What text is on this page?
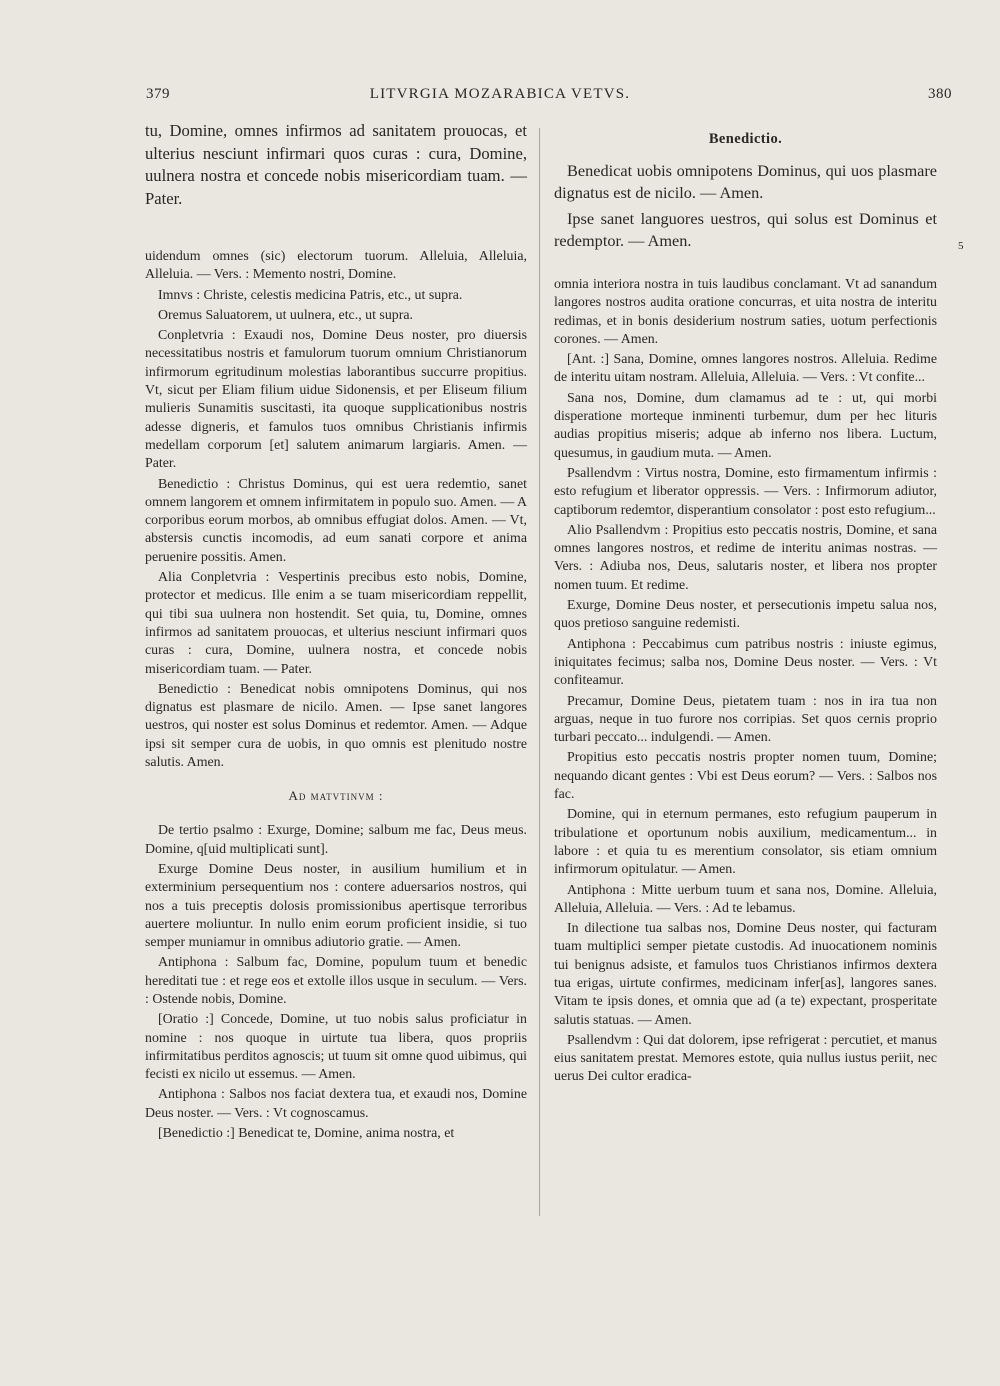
379	LITVRGIA MOZARABICA VETVS.	380
5

tu, Domine, omnes infirmos ad sanitatem prouocas, et ulterius nesciunt infirmari quos curas : cura, Domine, uulnera nostra et concede nobis misericordiam tuam. — Pater.

uidendum omnes (sic) electorum tuorum. Alleluia, Alleluia, Alleluia. — Vers. : Memento nostri, Domine.

Imnvs : Christe, celestis medicina Patris, etc., ut supra.

Oremus Saluatorem, ut uulnera, etc., ut supra.

Conpletvria : Exaudi nos, Domine Deus noster, pro diuersis necessitatibus nostris et famulorum tuorum omnium Christianorum infirmorum egritudinum molestias laborantibus succurre propitius. Vt, sicut per Eliam filium uidue Sidonensis, et per Eliseum filium mulieris Sunamitis suscitasti, ita quoque supplicationibus nostris adesse digneris, et famulos tuos omnibus Christianis infirmis medellam corporum [et] salutem animarum largiaris. Amen. — Pater.

Benedictio : Christus Dominus, qui est uera redemtio, sanet omnem langorem et omnem infirmitatem in populo suo. Amen. — A corporibus eorum morbos, ab omnibus effugiat dolos. Amen. — Vt, abstersis cunctis incomodis, ad eum sanati corpore et anima peruenire possitis. Amen.

Alia Conpletvria : Vespertinis precibus esto nobis, Domine, protector et medicus. Ille enim a se tuam misericordiam reppellit, qui tibi sua uulnera non hostendit. Set quia, tu, Domine, omnes infirmos ad sanitatem prouocas, et ulterius nesciunt infirmari quos curas : cura, Domine, uulnera nostra, et concede nobis misericordiam tuam. — Pater.

Benedictio : Benedicat nobis omnipotens Dominus, qui nos dignatus est plasmare de nicilo. Amen. — Ipse sanet langores uestros, qui noster est solus Dominus et redemtor. Amen. — Adque ipsi sit semper cura de uobis, in quo omnis est plenitudo nostre salutis. Amen.

Ad matvtinvm :

De tertio psalmo : Exurge, Domine; salbum me fac, Deus meus. Domine, q[uid multiplicati sunt].

Exurge Domine Deus noster, in ausilium humilium et in exterminium persequentium nos : contere aduersarios nostros, qui nos a tuis preceptis dolosis promissionibus apertisque terroribus auertere moliuntur. In nullo enim eorum proficient insidie, si tuo semper muniamur in omnibus adiutorio gratie. — Amen.

Antiphona : Salbum fac, Domine, populum tuum et benedic hereditati tue : et rege eos et extolle illos usque in seculum. — Vers. : Ostende nobis, Domine.

[Oratio :] Concede, Domine, ut tuo nobis salus proficiatur in nomine : nos quoque in uirtute tua libera, quos propriis infirmitatibus perditos agnoscis; ut tuum sit omne quod uibimus, qui fecisti ex nicilo ut essemus. — Amen.

Antiphona : Salbos nos faciat dextera tua, et exaudi nos, Domine Deus noster. — Vers. : Vt cognoscamus.

[Benedictio :] Benedicat te, Domine, anima nostra, et

Benedictio.

Benedicat uobis omnipotens Dominus, qui uos plasmare dignatus est de nicilo. — Amen.

Ipse sanet languores uestros, qui solus est Dominus et redemptor. — Amen.

omnia interiora nostra in tuis laudibus conclamant. Vt ad sanandum langores nostros audita oratione concurras, et uita nostra de interitu redimas, et in bonis desiderium nostrum saties, uotum perfectionis corones. — Amen.

[Ant. :] Sana, Domine, omnes langores nostros. Alleluia. Redime de interitu uitam nostram. Alleluia, Alleluia. — Vers. : Vt confite...

Sana nos, Domine, dum clamamus ad te : ut, qui morbi disperatione morteque inminenti turbemur, dum per hec lituris audias propitius miseris; adque ab inferno nos libera. Luctum, quesumus, in gaudium muta. — Amen.

Psallendvm : Virtus nostra, Domine, esto firmamentum infirmis : esto refugium et liberator oppressis. — Vers. : Infirmorum adiutor, captiborum redemtor, disperantium consolator : post esto refugium...

Alio Psallendvm : Propitius esto peccatis nostris, Domine, et sana omnes langores nostros, et redime de interitu animas nostras. — Vers. : Adiuba nos, Deus, salutaris noster, et libera nos propter nomen tuum. Et redime.

Exurge, Domine Deus noster, et persecutionis impetu salua nos, quos pretioso sanguine redemisti.

Antiphona : Peccabimus cum patribus nostris : iniuste egimus, iniquitates fecimus; salba nos, Domine Deus noster. — Vers. : Vt confiteamur.

Precamur, Domine Deus, pietatem tuam : nos in ira tua non arguas, neque in tuo furore nos corripias. Set quos cernis proprio turbari peccato... indulgendi. — Amen.

Propitius esto peccatis nostris propter nomen tuum, Domine; nequando dicant gentes : Vbi est Deus eorum? — Vers. : Salbos nos fac.

Domine, qui in eternum permanes, esto refugium pauperum in tribulatione et oportunum nobis auxilium, medicamentum... in labore : et quia tu es merentium consolator, sis etiam omnium infirmorum opitulatur. — Amen.

Antiphona : Mitte uerbum tuum et sana nos, Domine. Alleluia, Alleluia, Alleluia. — Vers. : Ad te lebamus.

In dilectione tua salbas nos, Domine Deus noster, qui facturam tuam multiplici semper pietate custodis. Ad inuocationem nominis tui benignus adsiste, et famulos tuos Christianos infirmos dextera tua erigas, uirtute confirmes, medicinam infer[as], langores sanes. Vitam te ipsis dones, et omnia que ad (a te) expectant, prosperitate salutis statuas. — Amen.

Psallendvm : Qui dat dolorem, ipse refrigerat : percutiet, et manus eius sanitatem prestat. Memores estote, quia nullus iustus periit, nec uerus Dei cultor eradica-
